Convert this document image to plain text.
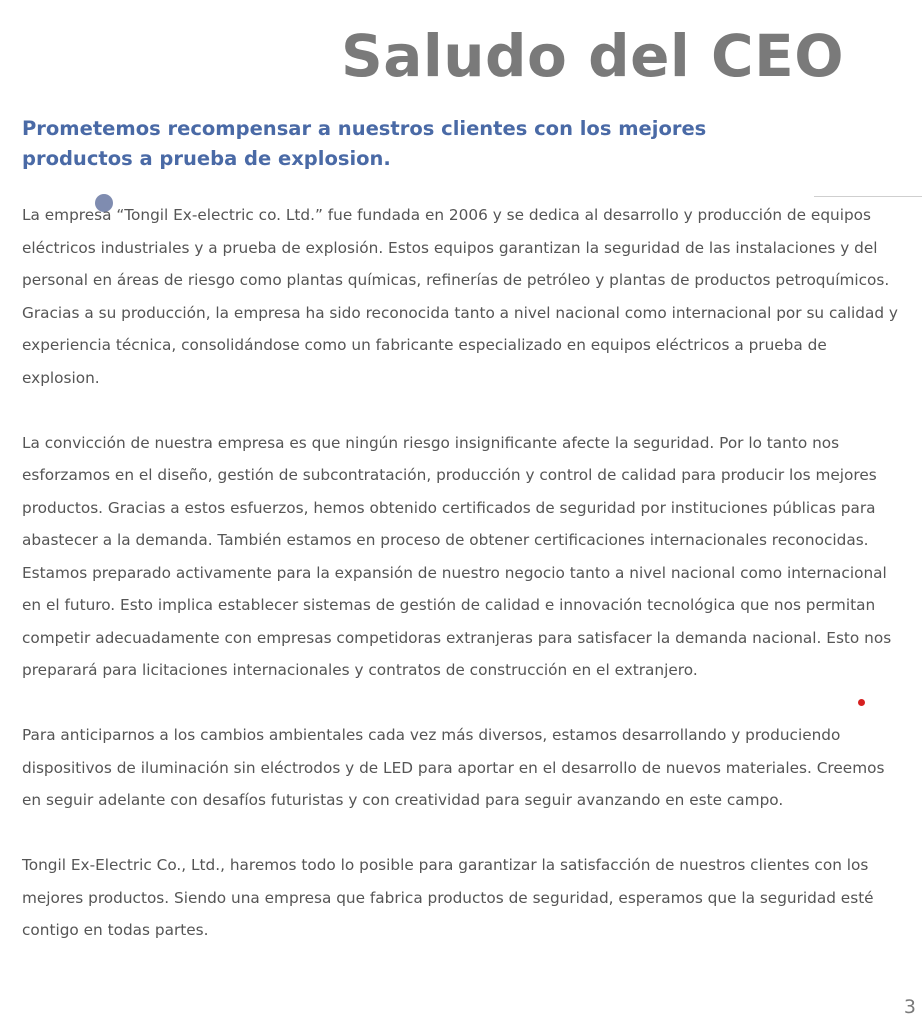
Saludo del CEO
Prometemos recompensar a nuestros clientes con los mejores productos a prueba de explosion.

La empresa “Tongil Ex-electric co. Ltd.” fue fundada en 2006 y se dedica al desarrollo y producción de equipos eléctricos industriales y a prueba de explosión. Estos equipos garantizan la seguridad de las instalaciones y del personal en áreas de riesgo como plantas químicas, refinerías de petróleo y plantas de productos petroquímicos. Gracias a su producción, la empresa ha sido reconocida tanto a nivel nacional como internacional por su calidad y experiencia técnica, consolidándose como un fabricante especializado en equipos eléctricos a prueba de explosion.

La convicción de nuestra empresa es que ningún riesgo insignificante afecte la seguridad. Por lo tanto nos esforzamos en el diseño, gestión de subcontratación, producción y control de calidad para producir los mejores productos. Gracias a estos esfuerzos, hemos obtenido certificados de seguridad por instituciones públicas para abastecer a la demanda. También estamos en proceso de obtener certificaciones internacionales reconocidas. Estamos preparado activamente para la expansión de nuestro negocio tanto a nivel nacional como internacional en el futuro. Esto implica establecer sistemas de gestión de calidad e innovación tecnológica que nos permitan competir adecuadamente con empresas competidoras extranjeras para satisfacer la demanda nacional. Esto nos preparará para licitaciones internacionales y contratos de construcción en el extranjero.

Para anticiparnos a los cambios ambientales cada vez más diversos, estamos desarrollando y produciendo dispositivos de iluminación sin eléctrodos y de LED para aportar en el desarrollo de nuevos materiales. Creemos en seguir adelante con desafíos futuristas y con creatividad para seguir avanzando en este campo.

Tongil Ex-Electric Co., Ltd., haremos todo lo posible para garantizar la satisfacción de nuestros clientes con los mejores productos. Siendo una empresa que fabrica productos de seguridad, esperamos que la seguridad esté contigo en todas partes.

3
